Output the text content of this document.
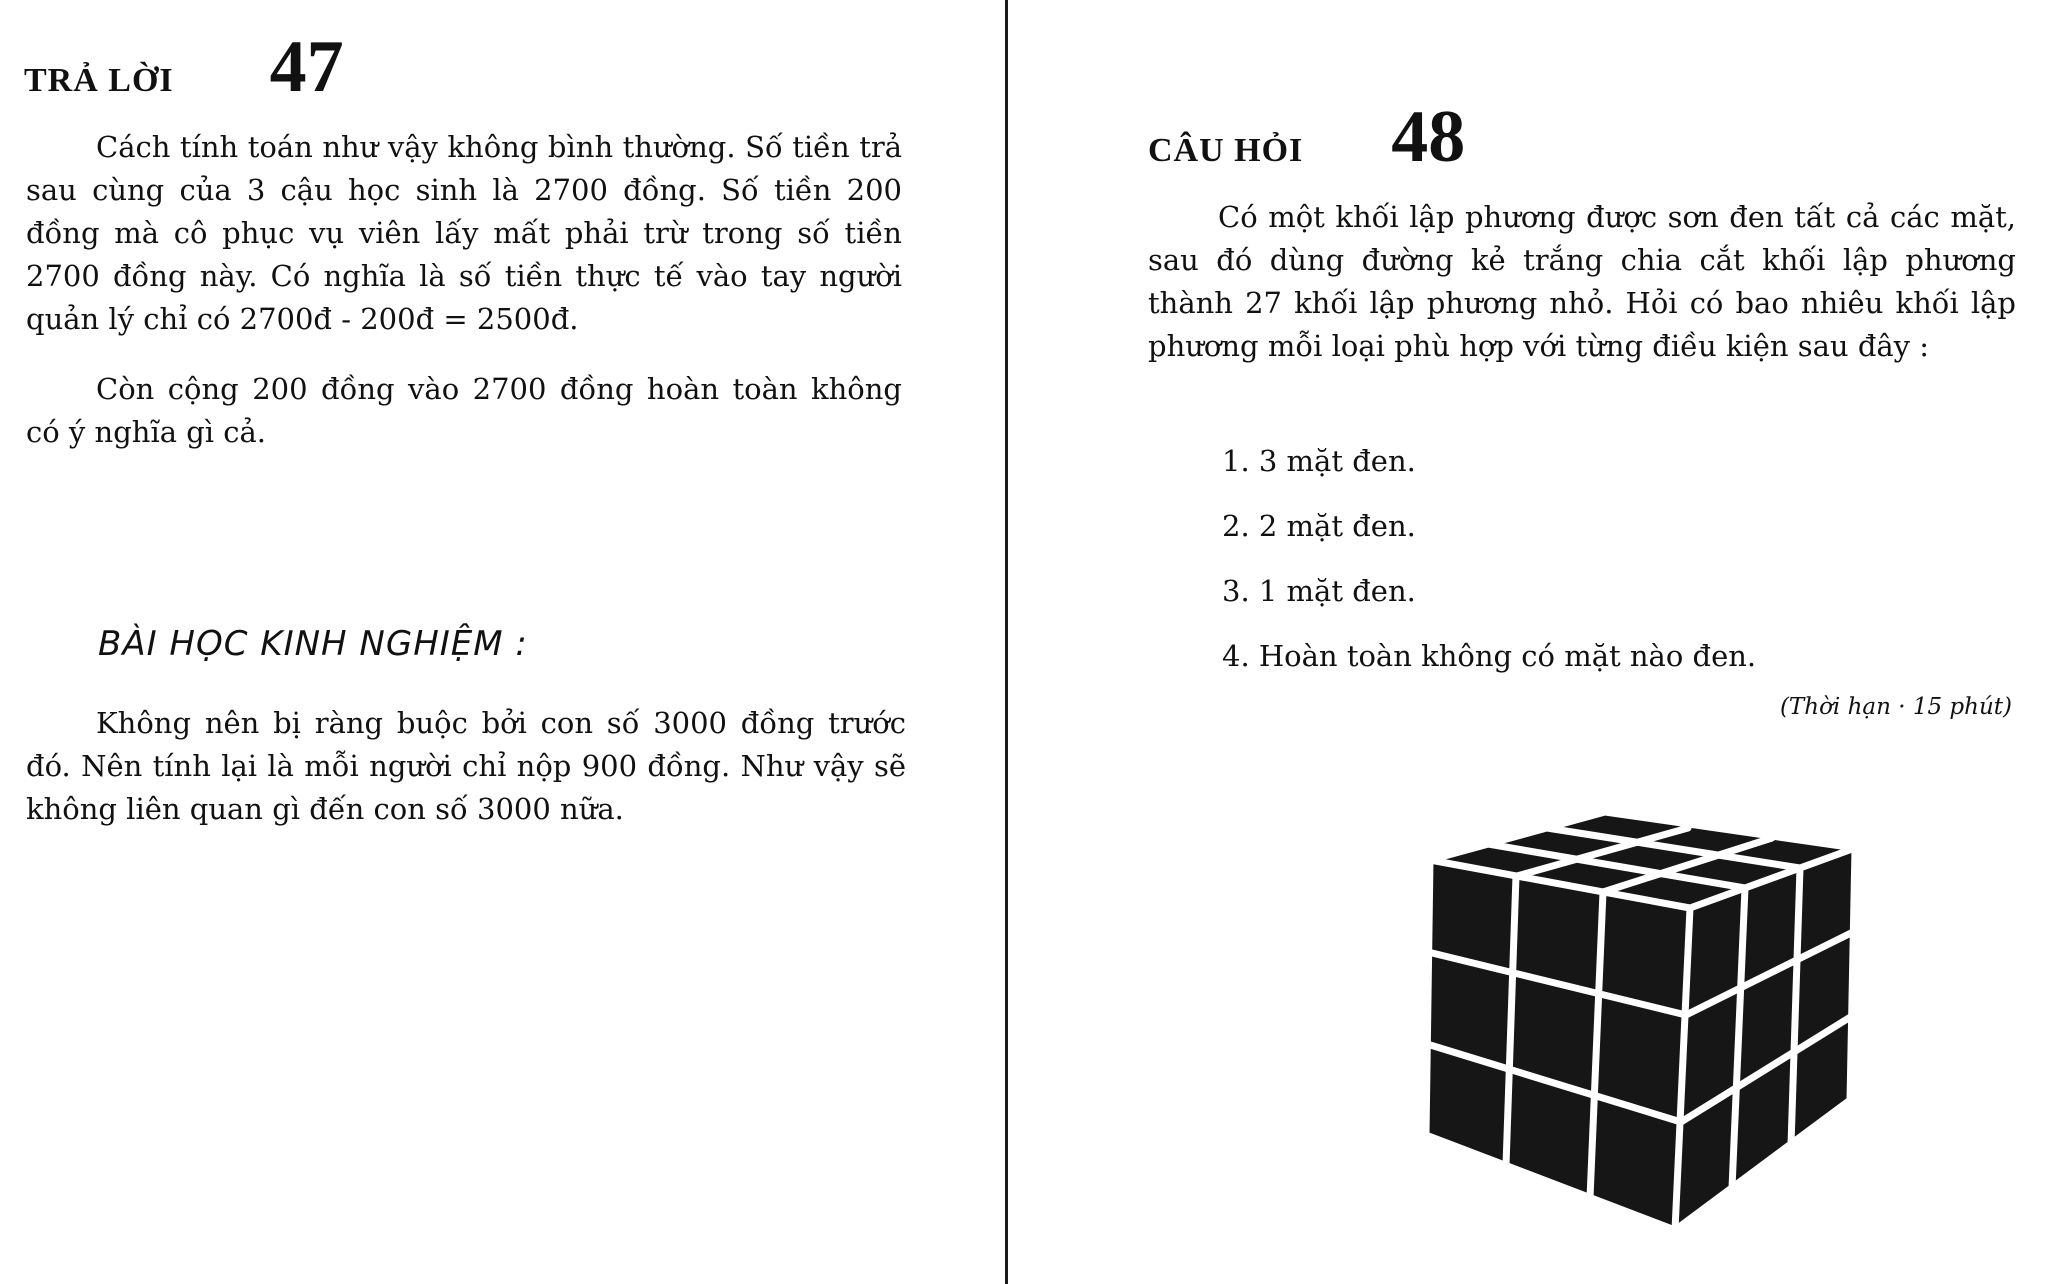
TRẢ LỜI 47

Cách tính toán như vậy không bình thường. Số tiền trả sau cùng của 3 cậu học sinh là 2700 đồng. Số tiền 200 đồng mà cô phục vụ viên lấy mất phải trừ trong số tiền 2700 đồng này. Có nghĩa là số tiền thực tế vào tay người quản lý chỉ có 2700đ - 200đ = 2500đ.

Còn cộng 200 đồng vào 2700 đồng hoàn toàn không có ý nghĩa gì cả.

BÀI HỌC KINH NGHIỆM :

Không nên bị ràng buộc bởi con số 3000 đồng trước đó. Nên tính lại là mỗi người chỉ nộp 900 đồng. Như vậy sẽ không liên quan gì đến con số 3000 nữa.

CÂU HỎI 48

Có một khối lập phương được sơn đen tất cả các mặt, sau đó dùng đường kẻ trắng chia cắt khối lập phương thành 27 khối lập phương nhỏ. Hỏi có bao nhiêu khối lập phương mỗi loại phù hợp với từng điều kiện sau đây :

1. 3 mặt đen.
2. 2 mặt đen.
3. 1 mặt đen.
4. Hoàn toàn không có mặt nào đen.
(Thời hạn · 15 phút)
